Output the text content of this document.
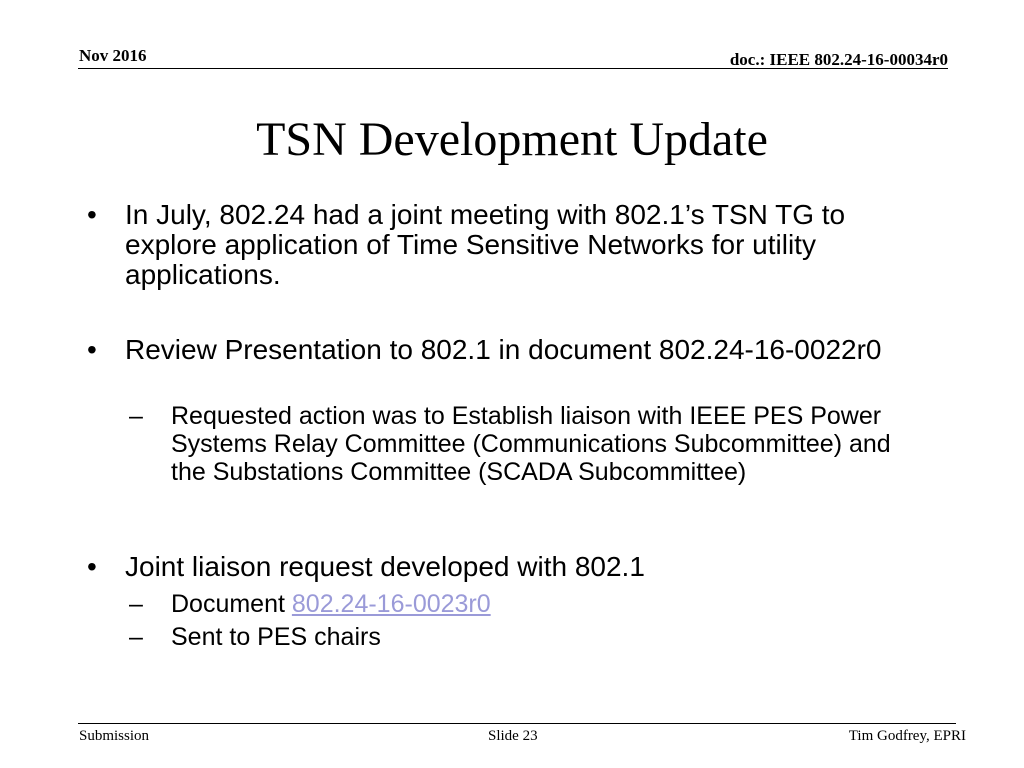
Nov 2016	doc.: IEEE 802.24-16-00034r0
TSN Development Update
• In July, 802.24 had a joint meeting with 802.1’s TSN TG to explore application of Time Sensitive Networks for utility applications.
• Review Presentation to 802.1 in document 802.24-16-0022r0
– Requested action was to Establish liaison with IEEE PES Power Systems Relay Committee (Communications Subcommittee) and the Substations Committee (SCADA Subcommittee)
• Joint liaison request developed with 802.1
– Document 802.24-16-0023r0
– Sent to PES chairs
Submission	Slide 23	Tim Godfrey, EPRI
